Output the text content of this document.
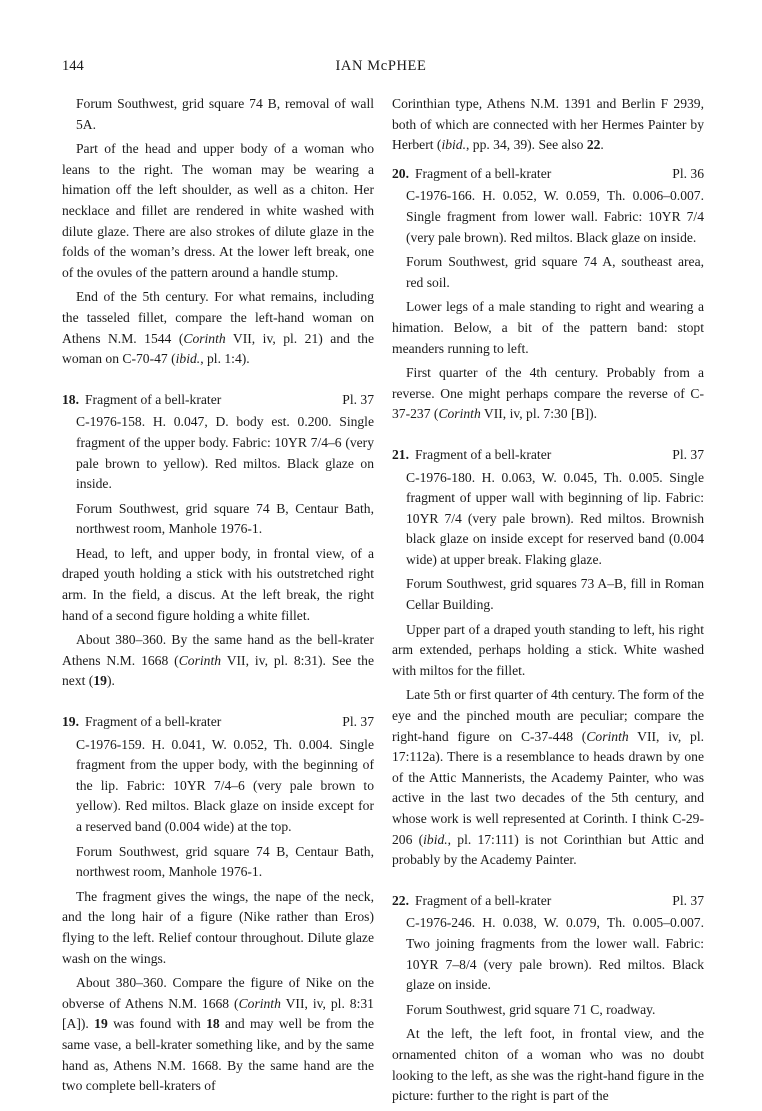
144	IAN McPHEE

Forum Southwest, grid square 74 B, removal of wall 5A.

Part of the head and upper body of a woman who leans to the right. The woman may be wearing a himation off the left shoulder, as well as a chiton. Her necklace and fillet are rendered in white washed with dilute glaze. There are also strokes of dilute glaze in the folds of the woman’s dress. At the lower left break, one of the ovules of the pattern around a handle stump.

End of the 5th century. For what remains, including the tasseled fillet, compare the left-hand woman on Athens N.M. 1544 (Corinth VII, iv, pl. 21) and the woman on C-70-47 (ibid., pl. 1:4).

18. Fragment of a bell-krater	Pl. 37

C-1976-158. H. 0.047, D. body est. 0.200. Single fragment of the upper body. Fabric: 10YR 7/4–6 (very pale brown to yellow). Red miltos. Black glaze on inside.

Forum Southwest, grid square 74 B, Centaur Bath, northwest room, Manhole 1976-1.

Head, to left, and upper body, in frontal view, of a draped youth holding a stick with his outstretched right arm. In the field, a discus. At the left break, the right hand of a second figure holding a white fillet.

About 380–360. By the same hand as the bell-krater Athens N.M. 1668 (Corinth VII, iv, pl. 8:31). See the next (19).

19. Fragment of a bell-krater	Pl. 37

C-1976-159. H. 0.041, W. 0.052, Th. 0.004. Single fragment from the upper body, with the beginning of the lip. Fabric: 10YR 7/4–6 (very pale brown to yellow). Red miltos. Black glaze on inside except for a reserved band (0.004 wide) at the top.

Forum Southwest, grid square 74 B, Centaur Bath, northwest room, Manhole 1976-1.

The fragment gives the wings, the nape of the neck, and the long hair of a figure (Nike rather than Eros) flying to the left. Relief contour throughout. Dilute glaze wash on the wings.

About 380–360. Compare the figure of Nike on the obverse of Athens N.M. 1668 (Corinth VII, iv, pl. 8:31 [A]). 19 was found with 18 and may well be from the same vase, a bell-krater something like, and by the same hand as, Athens N.M. 1668. By the same hand are the two complete bell-kraters of

Corinthian type, Athens N.M. 1391 and Berlin F 2939, both of which are connected with her Hermes Painter by Herbert (ibid., pp. 34, 39). See also 22.

20. Fragment of a bell-krater	Pl. 36

C-1976-166. H. 0.052, W. 0.059, Th. 0.006–0.007. Single fragment from lower wall. Fabric: 10YR 7/4 (very pale brown). Red miltos. Black glaze on inside.

Forum Southwest, grid square 74 A, southeast area, red soil.

Lower legs of a male standing to right and wearing a himation. Below, a bit of the pattern band: stopt meanders running to left.

First quarter of the 4th century. Probably from a reverse. One might perhaps compare the reverse of C-37-237 (Corinth VII, iv, pl. 7:30 [B]).

21. Fragment of a bell-krater	Pl. 37

C-1976-180. H. 0.063, W. 0.045, Th. 0.005. Single fragment of upper wall with beginning of lip. Fabric: 10YR 7/4 (very pale brown). Red miltos. Brownish black glaze on inside except for reserved band (0.004 wide) at upper break. Flaking glaze.

Forum Southwest, grid squares 73 A–B, fill in Roman Cellar Building.

Upper part of a draped youth standing to left, his right arm extended, perhaps holding a stick. White washed with miltos for the fillet.

Late 5th or first quarter of 4th century. The form of the eye and the pinched mouth are peculiar; compare the right-hand figure on C-37-448 (Corinth VII, iv, pl. 17:112a). There is a resemblance to heads drawn by one of the Attic Mannerists, the Academy Painter, who was active in the last two decades of the 5th century, and whose work is well represented at Corinth. I think C-29-206 (ibid., pl. 17:111) is not Corinthian but Attic and probably by the Academy Painter.

22. Fragment of a bell-krater	Pl. 37

C-1976-246. H. 0.038, W. 0.079, Th. 0.005–0.007. Two joining fragments from the lower wall. Fabric: 10YR 7–8/4 (very pale brown). Red miltos. Black glaze on inside.

Forum Southwest, grid square 71 C, roadway.

At the left, the left foot, in frontal view, and the ornamented chiton of a woman who was no doubt looking to the left, as she was the right-hand figure in the picture: further to the right is part of the
